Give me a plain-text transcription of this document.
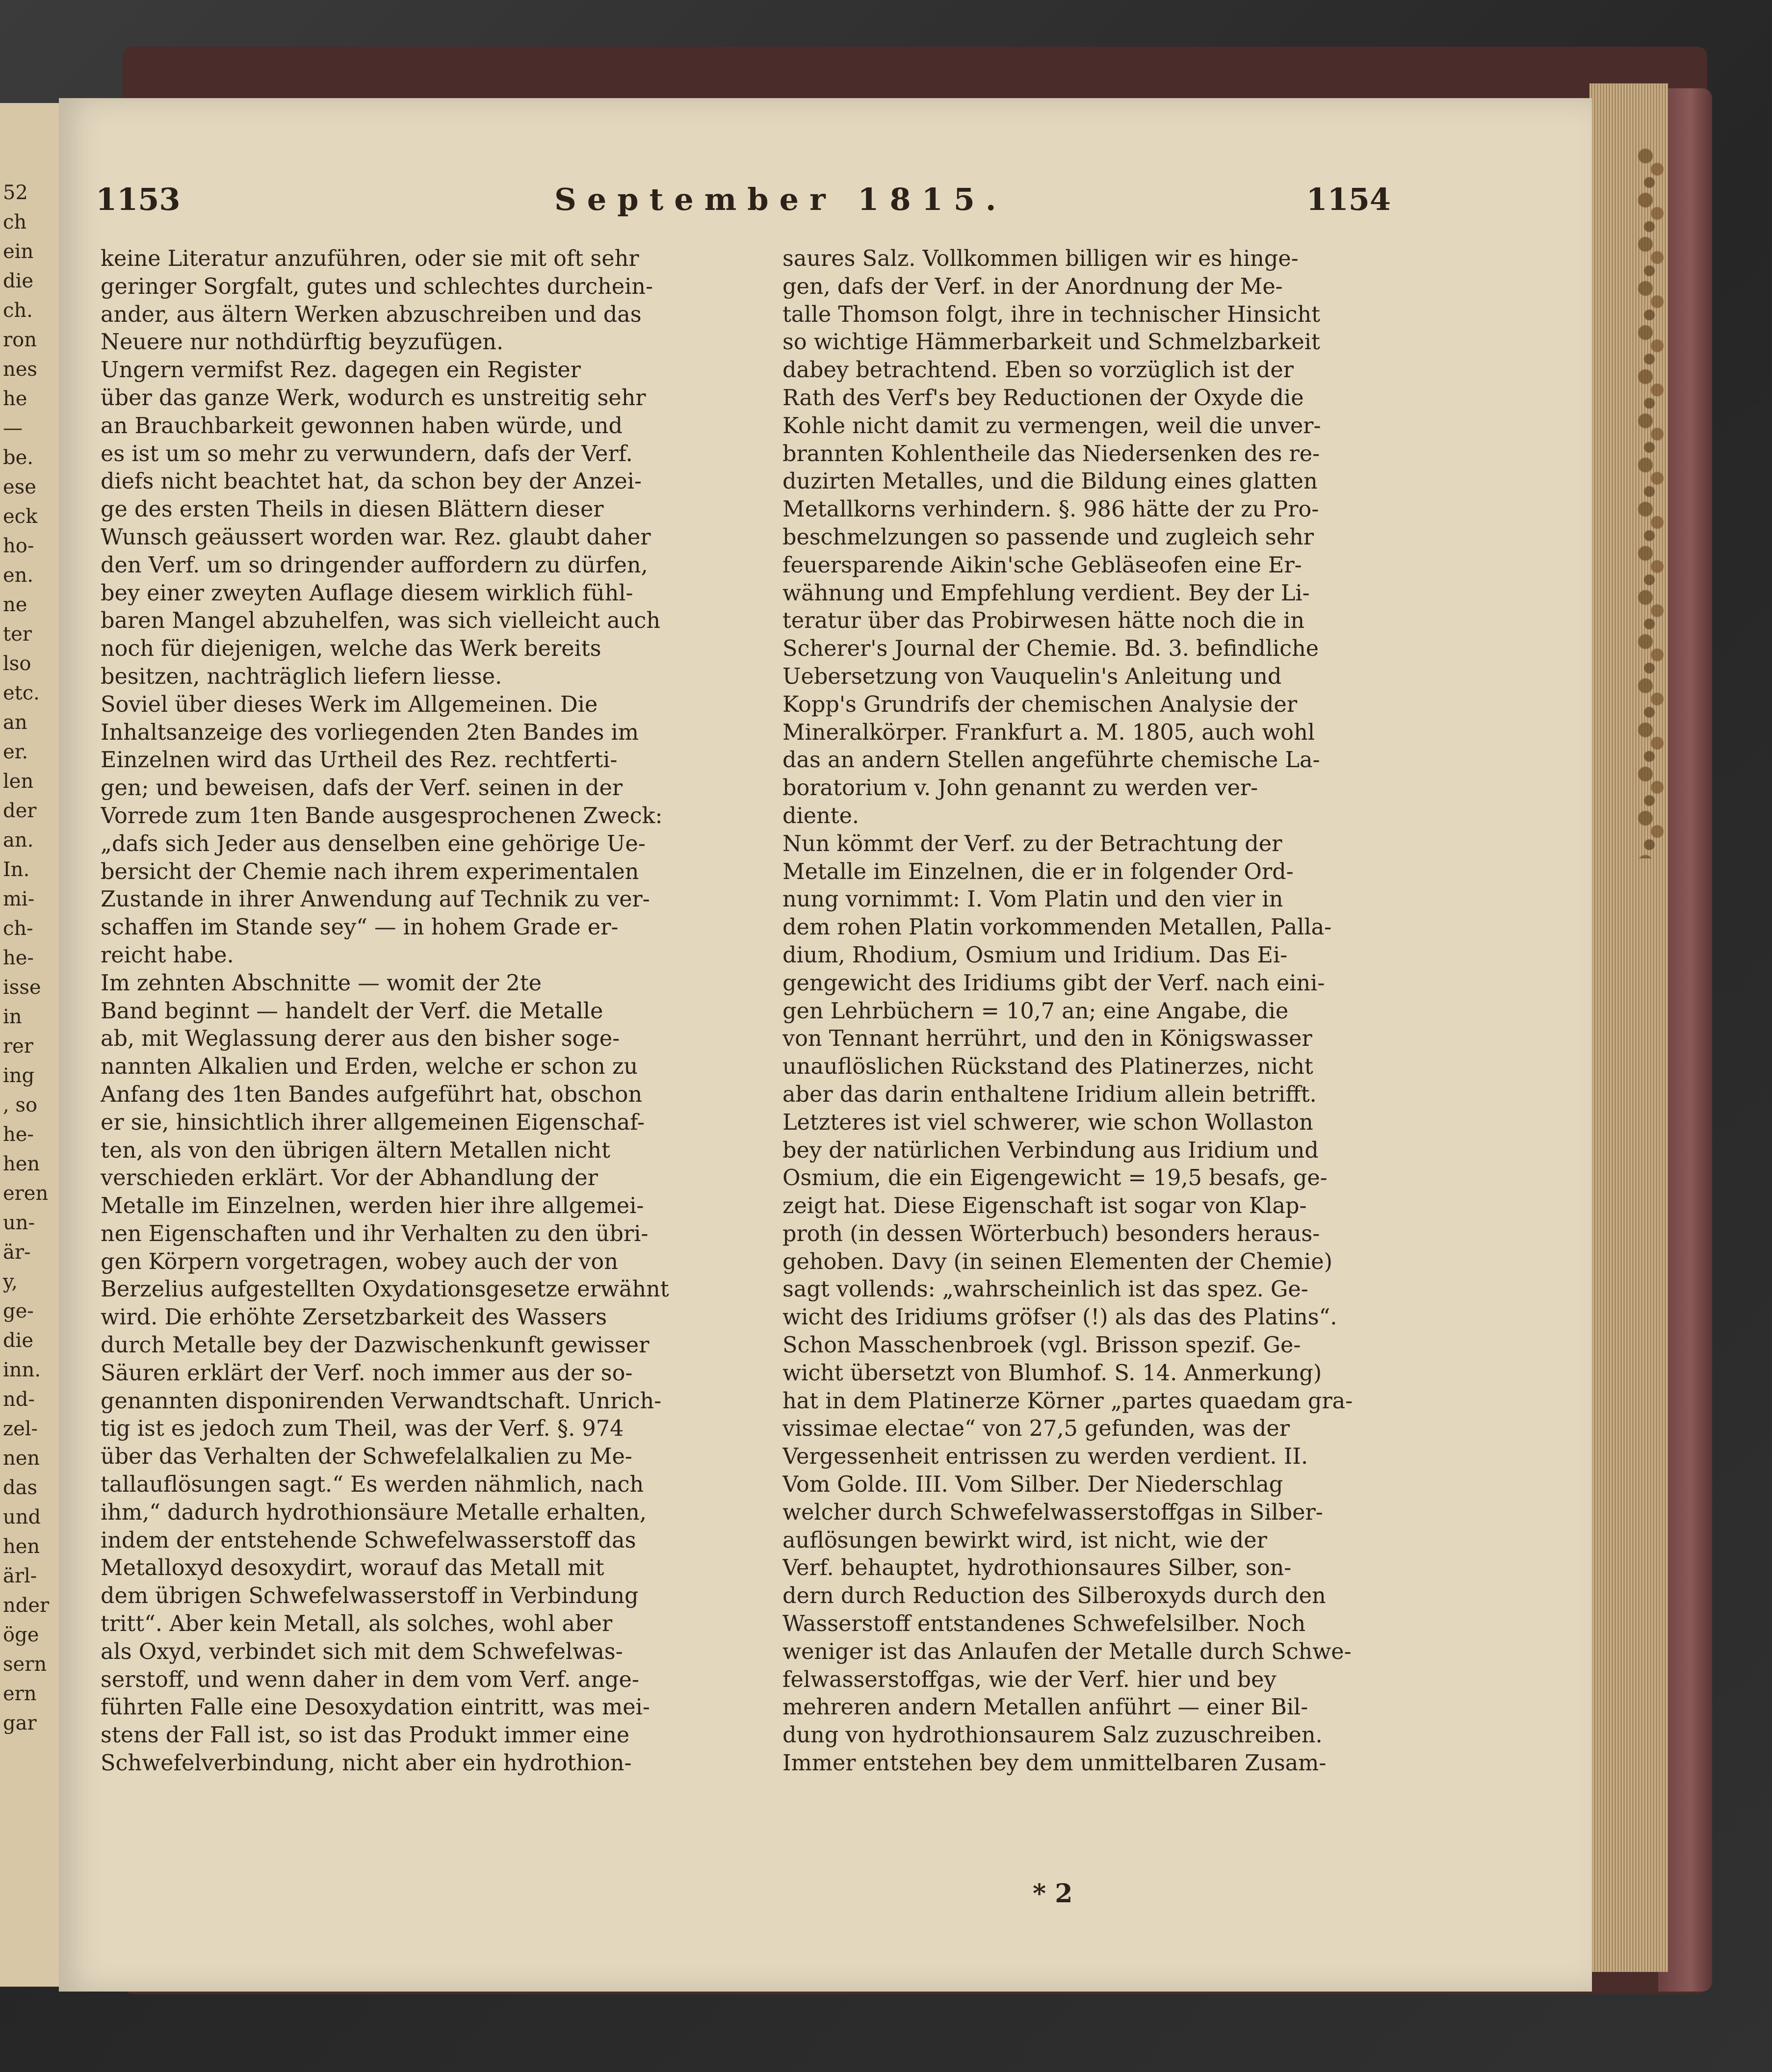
52
ch
ein
die
ch.
ron
nes
he
—
be.
ese
eck
ho-
en.
ne
ter
lso
etc.
an
er.
len
der
an.
In.
mi-
ch-
he-
isse
in
rer
ing
, so
he-
hen
eren
un-
är-
y,
ge-
die
inn.
nd-
zel-
nen
das
und
hen
ärl-
nder
öge
sern
ern
gar
1153	September 1815.	1154
keine Literatur anzuführen, oder sie mit oft sehr
geringer Sorgfalt, gutes und schlechtes durchein-
ander, aus ältern Werken abzuschreiben und das
Neuere nur nothdürftig beyzufügen.
Ungern vermifst Rez. dagegen ein Register
über das ganze Werk, wodurch es unstreitig sehr
an Brauchbarkeit gewonnen haben würde, und
es ist um so mehr zu verwundern, dafs der Verf.
diefs nicht beachtet hat, da schon bey der Anzei-
ge des ersten Theils in diesen Blättern dieser
Wunsch geäussert worden war. Rez. glaubt daher
den Verf. um so dringender auffordern zu dürfen,
bey einer zweyten Auflage diesem wirklich fühl-
baren Mangel abzuhelfen, was sich vielleicht auch
noch für diejenigen, welche das Werk bereits
besitzen, nachträglich liefern liesse.
Soviel über dieses Werk im Allgemeinen. Die
Inhaltsanzeige des vorliegenden 2ten Bandes im
Einzelnen wird das Urtheil des Rez. rechtferti-
gen; und beweisen, dafs der Verf. seinen in der
Vorrede zum 1ten Bande ausgesprochenen Zweck:
„dafs sich Jeder aus denselben eine gehörige Ue-
bersicht der Chemie nach ihrem experimentalen
Zustande in ihrer Anwendung auf Technik zu ver-
schaffen im Stande sey“ — in hohem Grade er-
reicht habe.
Im zehnten Abschnitte — womit der 2te
Band beginnt — handelt der Verf. die Metalle
ab, mit Weglassung derer aus den bisher soge-
nannten Alkalien und Erden, welche er schon zu
Anfang des 1ten Bandes aufgeführt hat, obschon
er sie, hinsichtlich ihrer allgemeinen Eigenschaf-
ten, als von den übrigen ältern Metallen nicht
verschieden erklärt. Vor der Abhandlung der
Metalle im Einzelnen, werden hier ihre allgemei-
nen Eigenschaften und ihr Verhalten zu den übri-
gen Körpern vorgetragen, wobey auch der von
Berzelius aufgestellten Oxydationsgesetze erwähnt
wird. Die erhöhte Zersetzbarkeit des Wassers
durch Metalle bey der Dazwischenkunft gewisser
Säuren erklärt der Verf. noch immer aus der so-
genannten disponirenden Verwandtschaft. Unrich-
tig ist es jedoch zum Theil, was der Verf. §. 974
über das Verhalten der Schwefelalkalien zu Me-
tallauflösungen sagt.“ Es werden nähmlich, nach
ihm,“ dadurch hydrothionsäure Metalle erhalten,
indem der entstehende Schwefelwasserstoff das
Metalloxyd desoxydirt, worauf das Metall mit
dem übrigen Schwefelwasserstoff in Verbindung
tritt“. Aber kein Metall, als solches, wohl aber
als Oxyd, verbindet sich mit dem Schwefelwas-
serstoff, und wenn daher in dem vom Verf. ange-
führten Falle eine Desoxydation eintritt, was mei-
stens der Fall ist, so ist das Produkt immer eine
Schwefelverbindung, nicht aber ein hydrothion-
saures Salz. Vollkommen billigen wir es hinge-
gen, dafs der Verf. in der Anordnung der Me-
talle Thomson folgt, ihre in technischer Hinsicht
so wichtige Hämmerbarkeit und Schmelzbarkeit
dabey betrachtend. Eben so vorzüglich ist der
Rath des Verf's bey Reductionen der Oxyde die
Kohle nicht damit zu vermengen, weil die unver-
brannten Kohlentheile das Niedersenken des re-
duzirten Metalles, und die Bildung eines glatten
Metallkorns verhindern. §. 986 hätte der zu Pro-
beschmelzungen so passende und zugleich sehr
feuersparende Aikin'sche Gebläseofen eine Er-
wähnung und Empfehlung verdient. Bey der Li-
teratur über das Probirwesen hätte noch die in
Scherer's Journal der Chemie. Bd. 3. befindliche
Uebersetzung von Vauquelin's Anleitung und
Kopp's Grundrifs der chemischen Analysie der
Mineralkörper. Frankfurt a. M. 1805, auch wohl
das an andern Stellen angeführte chemische La-
boratorium v. John genannt zu werden ver-
diente.
Nun kömmt der Verf. zu der Betrachtung der
Metalle im Einzelnen, die er in folgender Ord-
nung vornimmt: I. Vom Platin und den vier in
dem rohen Platin vorkommenden Metallen, Palla-
dium, Rhodium, Osmium und Iridium. Das Ei-
gengewicht des Iridiums gibt der Verf. nach eini-
gen Lehrbüchern = 10,7 an; eine Angabe, die
von Tennant herrührt, und den in Königswasser
unauflöslichen Rückstand des Platinerzes, nicht
aber das darin enthaltene Iridium allein betrifft.
Letzteres ist viel schwerer, wie schon Wollaston
bey der natürlichen Verbindung aus Iridium und
Osmium, die ein Eigengewicht = 19,5 besafs, ge-
zeigt hat. Diese Eigenschaft ist sogar von Klap-
proth (in dessen Wörterbuch) besonders heraus-
gehoben. Davy (in seinen Elementen der Chemie)
sagt vollends: „wahrscheinlich ist das spez. Ge-
wicht des Iridiums gröfser (!) als das des Platins“.
Schon Masschenbroek (vgl. Brisson spezif. Ge-
wicht übersetzt von Blumhof. S. 14. Anmerkung)
hat in dem Platinerze Körner „partes quaedam gra-
vissimae electae“ von 27,5 gefunden, was der
Vergessenheit entrissen zu werden verdient. II.
Vom Golde. III. Vom Silber. Der Niederschlag
welcher durch Schwefelwasserstoffgas in Silber-
auflösungen bewirkt wird, ist nicht, wie der
Verf. behauptet, hydrothionsaures Silber, son-
dern durch Reduction des Silberoxyds durch den
Wasserstoff entstandenes Schwefelsilber. Noch
weniger ist das Anlaufen der Metalle durch Schwe-
felwasserstoffgas, wie der Verf. hier und bey
mehreren andern Metallen anführt — einer Bil-
dung von hydrothionsaurem Salz zuzuschreiben.
Immer entstehen bey dem unmittelbaren Zusam-
* 2
